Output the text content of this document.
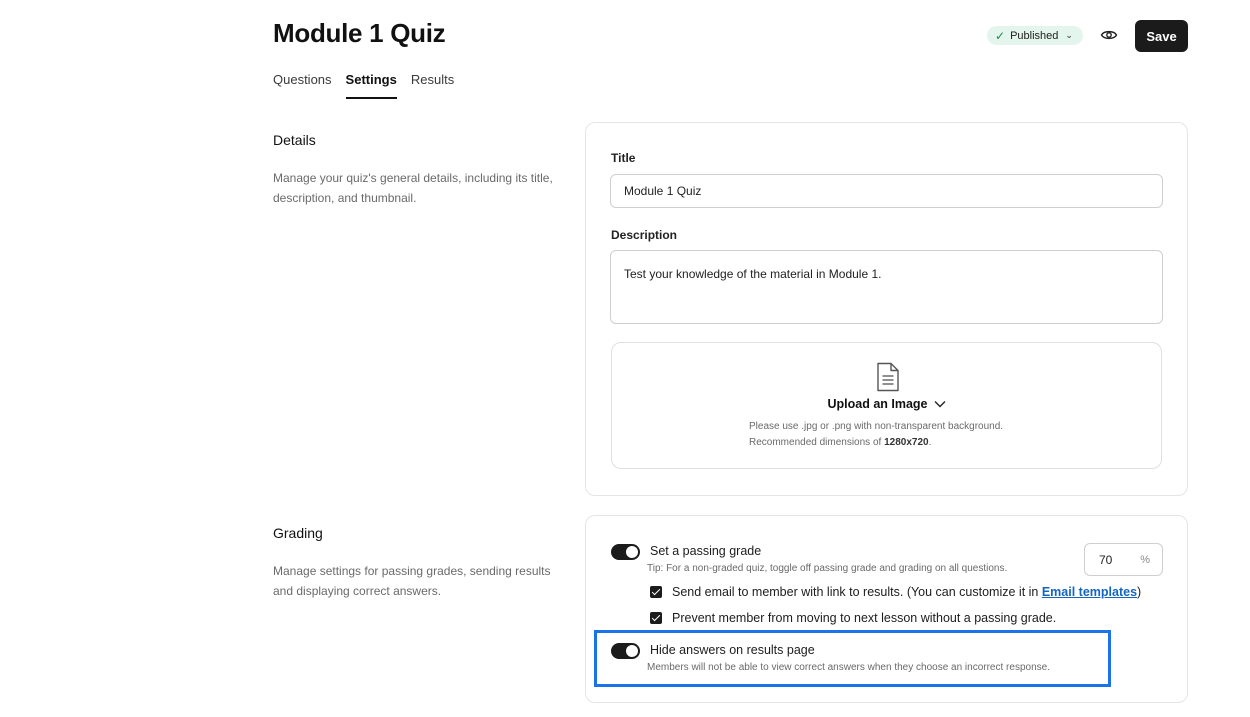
Module 1 Quiz	✓ Published ⌄	Save
Questions Settings Results
Details
Manage your quiz's general details, including its title, description, and thumbnail.
Title
Module 1 Quiz
Description
Test your knowledge of the material in Module 1.
Upload an Image
Please use .jpg or .png with non-transparent background.
Recommended dimensions of 1280x720.
Grading
Manage settings for passing grades, sending results and displaying correct answers.
Set a passing grade
Tip: For a non-graded quiz, toggle off passing grade and grading on all questions.
70	%
Send email to member with link to results. (You can customize it in Email templates)
Prevent member from moving to next lesson without a passing grade.
Hide answers on results page
Members will not be able to view correct answers when they choose an incorrect response.
